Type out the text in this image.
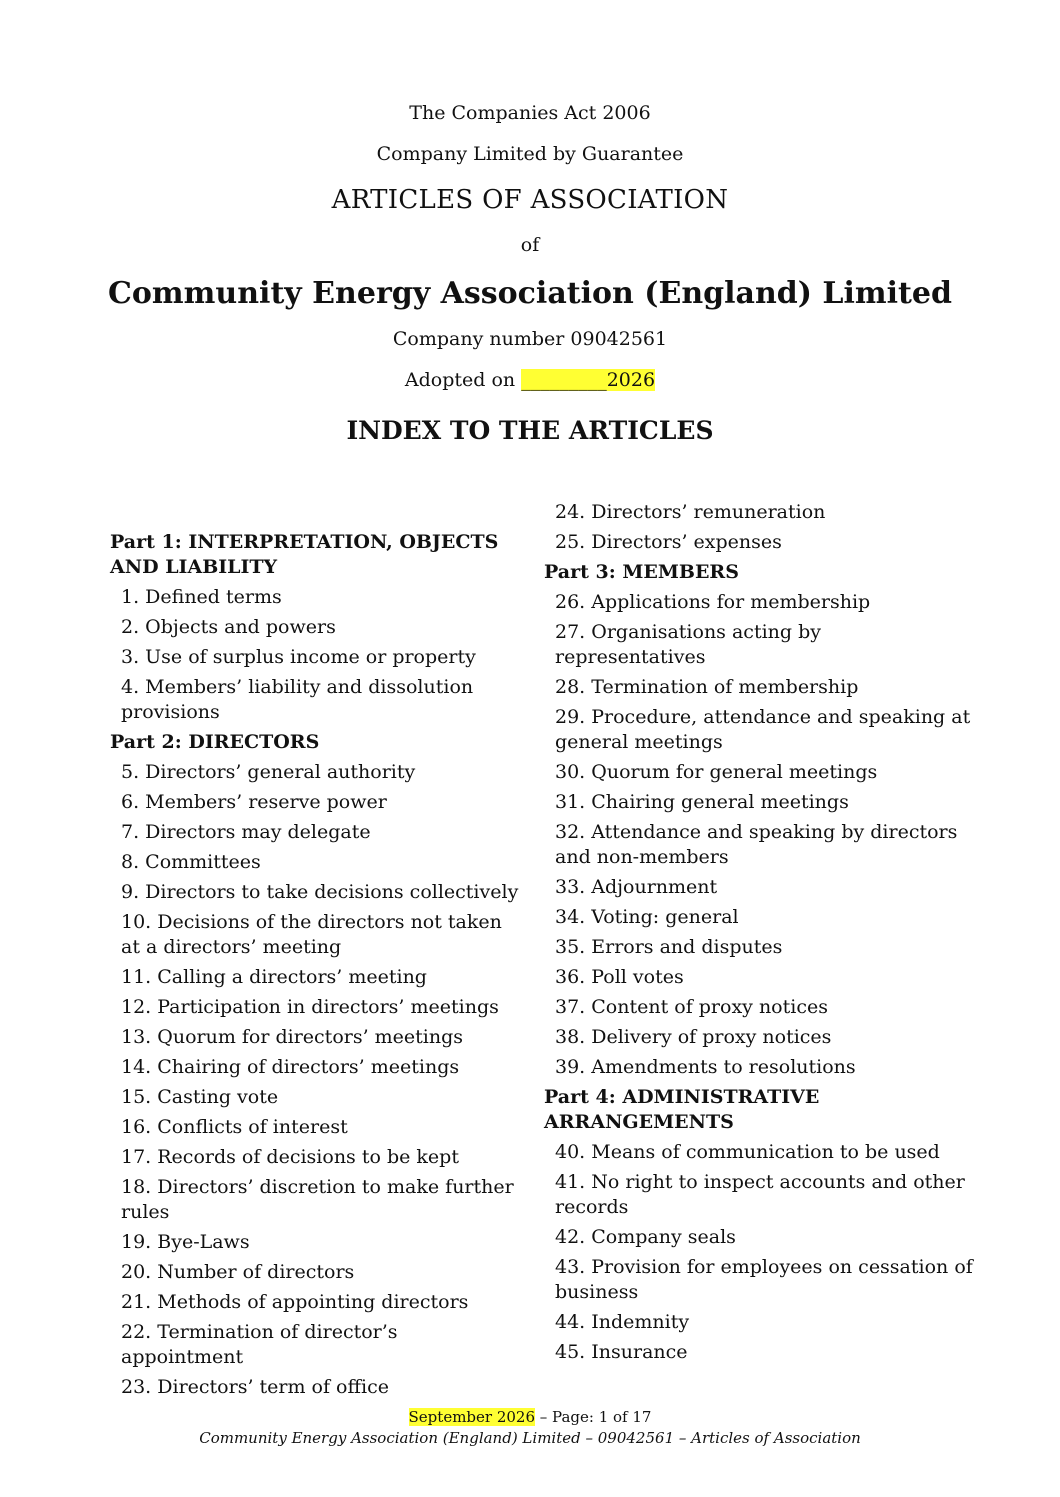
The Companies Act 2006
Company Limited by Guarantee
ARTICLES OF ASSOCIATION
of
Community Energy Association (England) Limited
Company number 09042561
Adopted on _________2026
INDEX TO THE ARTICLES
Part 1: INTERPRETATION, OBJECTS AND LIABILITY
1. Defined terms
2. Objects and powers
3. Use of surplus income or property
4. Members’ liability and dissolution provisions
Part 2: DIRECTORS
5. Directors’ general authority
6. Members’ reserve power
7. Directors may delegate
8. Committees
9. Directors to take decisions collectively
10. Decisions of the directors not taken at a directors’ meeting
11. Calling a directors’ meeting
12. Participation in directors’ meetings
13. Quorum for directors’ meetings
14. Chairing of directors’ meetings
15. Casting vote
16. Conflicts of interest
17. Records of decisions to be kept
18. Directors’ discretion to make further rules
19. Bye-Laws
20. Number of directors
21. Methods of appointing directors
22. Termination of director’s appointment
23. Directors’ term of office
24. Directors’ remuneration
25. Directors’ expenses
Part 3: MEMBERS
26. Applications for membership
27. Organisations acting by representatives
28. Termination of membership
29. Procedure, attendance and speaking at general meetings
30. Quorum for general meetings
31. Chairing general meetings
32. Attendance and speaking by directors and non-members
33. Adjournment
34. Voting: general
35. Errors and disputes
36. Poll votes
37. Content of proxy notices
38. Delivery of proxy notices
39. Amendments to resolutions
Part 4: ADMINISTRATIVE ARRANGEMENTS
40. Means of communication to be used
41. No right to inspect accounts and other records
42. Company seals
43. Provision for employees on cessation of business
44. Indemnity
45. Insurance
September 2026 – Page: 1 of 17
Community Energy Association (England) Limited – 09042561 – Articles of Association
